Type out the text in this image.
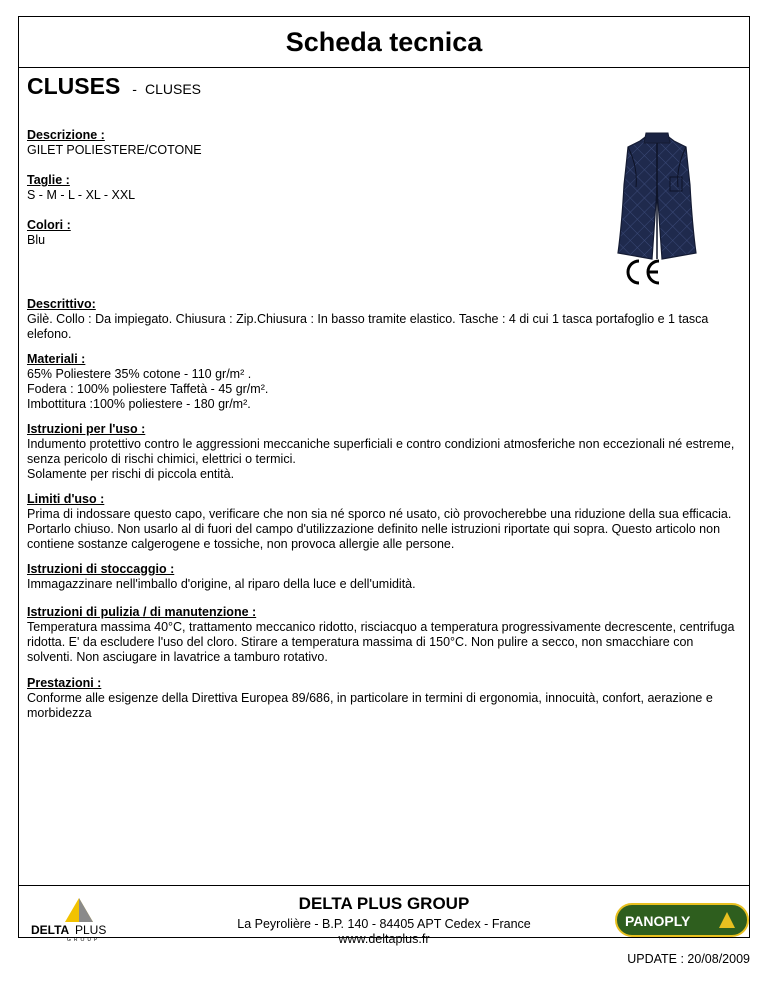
Scheda tecnica
CLUSES - CLUSES
Descrizione :

GILET POLIESTERE/COTONE

Taglie :

S - M - L - XL - XXL

Colori :

Blu

Descrittivo:

Gilè. Collo : Da impiegato. Chiusura : Zip.Chiusura : In basso tramite elastico. Tasche : 4 di cui 1 tasca portafoglio e 1 tasca elefono.

Materiali :

65% Poliestere 35% cotone - 110 gr/m² .

Fodera : 100% poliestere Taffetà - 45 gr/m².

Imbottitura :100% poliestere - 180 gr/m².

Istruzioni per l'uso :

Indumento protettivo contro le aggressioni meccaniche superficiali e contro condizioni atmosferiche non eccezionali né estreme, senza pericolo di rischi chimici, elettrici o termici.

Solamente per rischi di piccola entità.

Limiti d'uso :

Prima di indossare questo capo, verificare che non sia né sporco né usato, ciò provocherebbe una riduzione della sua efficacia. Portarlo chiuso. Non usarlo al di fuori del campo d'utilizzazione definito nelle istruzioni riportate qui sopra. Questo articolo non contiene sostanze calgerogene e tossiche, non provoca allergie alle persone.

Istruzioni di stoccaggio :

Immagazzinare nell'imballo d'origine, al riparo della luce e dell'umidità.

Istruzioni di pulizia / di manutenzione :

Temperatura massima 40°C, trattamento meccanico ridotto, risciacquo a temperatura progressivamente decrescente, centrifuga ridotta. E' da escludere l'uso del cloro. Stirare a temperatura massima di 150°C. Non pulire a secco, non smacchiare con solventi. Non asciugare in lavatrice a tamburo rotativo.

Prestazioni :

Conforme alle esigenze della Direttiva Europea 89/686, in particolare in termini di ergonomia, innocuità, confort, aerazione e morbidezza

DELTA PLUS
GROUP
DELTA PLUS GROUP
La Peyrolière - B.P. 140 - 84405 APT Cedex - France
www.deltaplus.fr
PANOPLY
UPDATE : 20/08/2009
